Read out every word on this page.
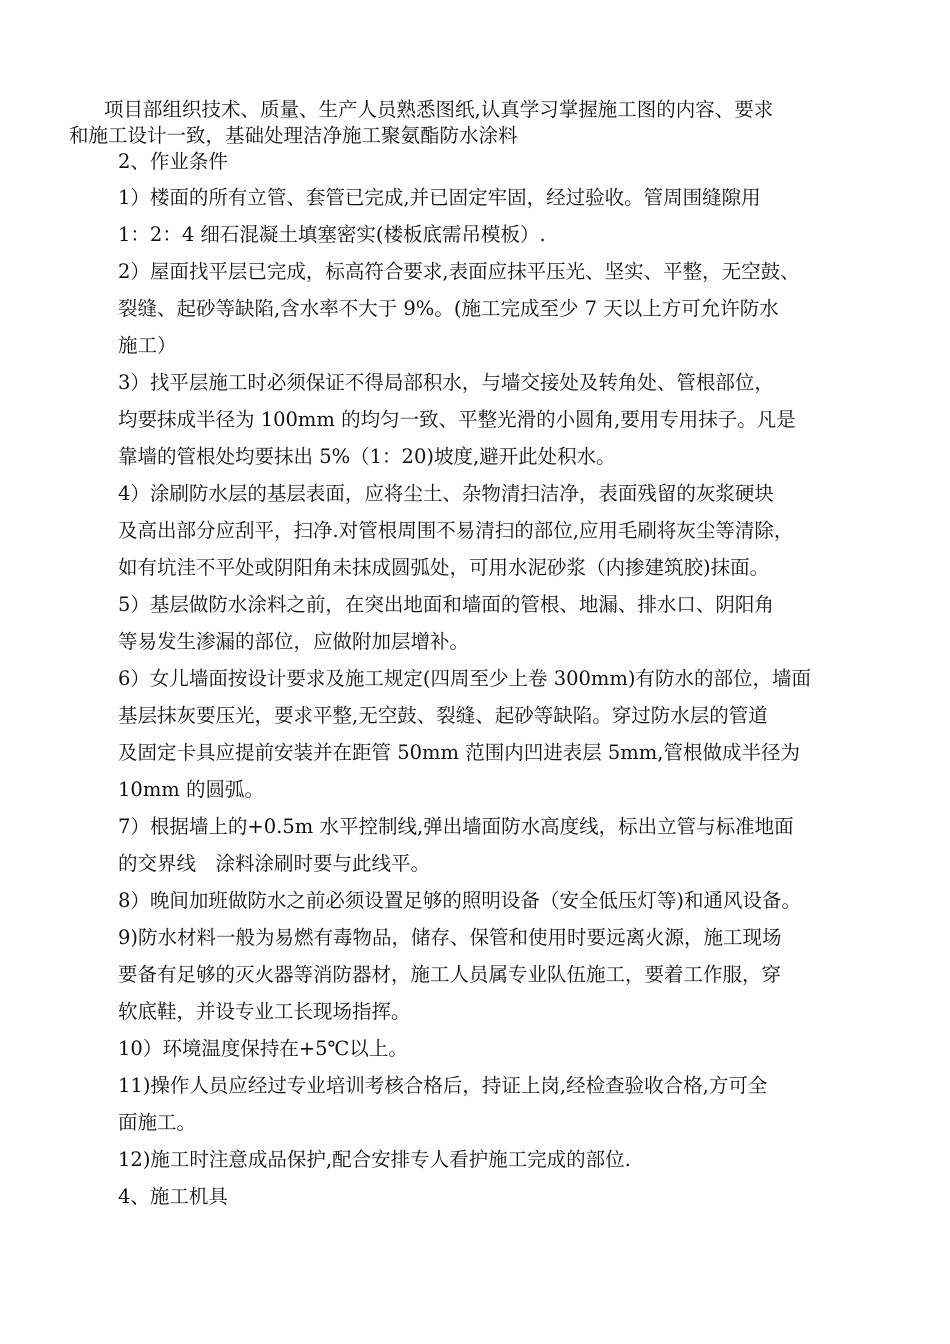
项目部组织技术、质量、生产人员熟悉图纸,认真学习掌握施工图的内容、要求
和施工设计一致，基础处理洁净施工聚氨酯防水涂料
2、作业条件
1）楼面的所有立管、套管已完成,并已固定牢固，经过验收。管周围缝隙用
1：2：4 细石混凝土填塞密实(楼板底需吊模板）.
2）屋面找平层已完成，标高符合要求,表面应抹平压光、坚实、平整，无空鼓、
裂缝、起砂等缺陷,含水率不大于 9%。(施工完成至少 7 天以上方可允许防水
施工）
3）找平层施工时必须保证不得局部积水，与墙交接处及转角处、管根部位，
均要抹成半径为 100mm 的均匀一致、平整光滑的小圆角,要用专用抹子。凡是
靠墙的管根处均要抹出 5%（1：20)坡度,避开此处积水。
4）涂刷防水层的基层表面，应将尘土、杂物清扫洁净，表面残留的灰浆硬块
及高出部分应刮平，扫净.对管根周围不易清扫的部位,应用毛刷将灰尘等清除，
如有坑洼不平处或阴阳角未抹成圆弧处，可用水泥砂浆（内掺建筑胶)抹面。
5）基层做防水涂料之前，在突出地面和墙面的管根、地漏、排水口、阴阳角
等易发生渗漏的部位，应做附加层增补。
6）女儿墙面按设计要求及施工规定(四周至少上卷 300mm)有防水的部位，墙面
基层抹灰要压光，要求平整,无空鼓、裂缝、起砂等缺陷。穿过防水层的管道
及固定卡具应提前安装并在距管 50mm 范围内凹进表层 5mm,管根做成半径为
10mm 的圆弧。
7）根据墙上的+0.5m 水平控制线,弹出墙面防水高度线，标出立管与标准地面
的交界线　涂料涂刷时要与此线平。
8）晚间加班做防水之前必须设置足够的照明设备（安全低压灯等)和通风设备。
9)防水材料一般为易燃有毒物品，储存、保管和使用时要远离火源，施工现场
要备有足够的灭火器等消防器材，施工人员属专业队伍施工，要着工作服，穿
软底鞋，并设专业工长现场指挥。
10）环境温度保持在+5℃以上。
11)操作人员应经过专业培训考核合格后，持证上岗,经检查验收合格,方可全
面施工。
12)施工时注意成品保护,配合安排专人看护施工完成的部位.
4、施工机具
